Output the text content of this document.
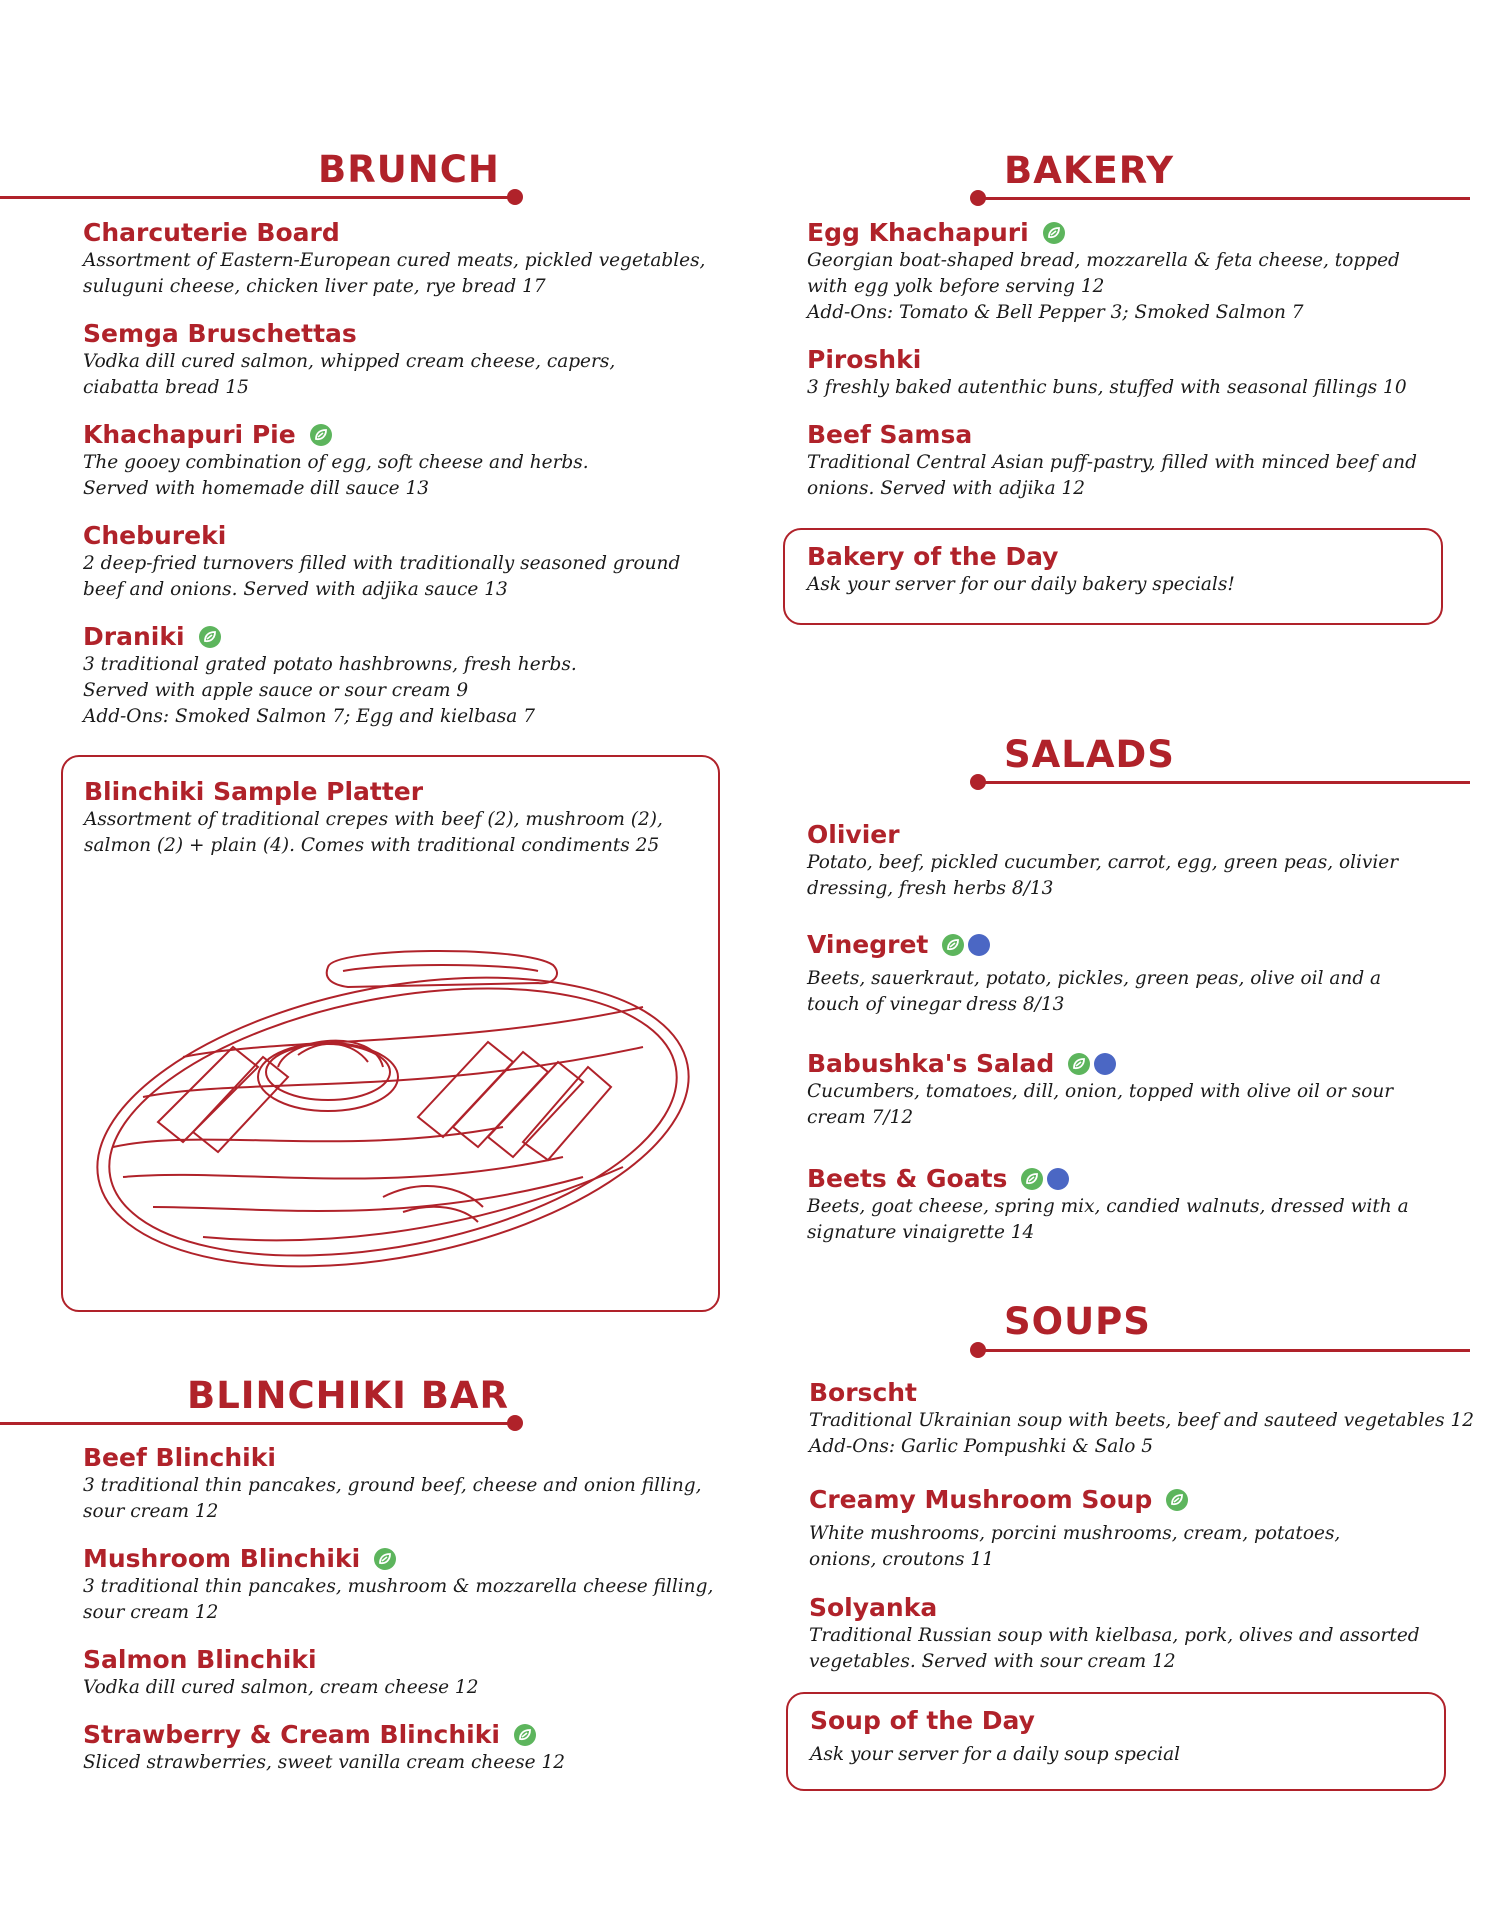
BRUNCH
Charcuterie Board
Assortment of Eastern-European cured meats, pickled vegetables,
suluguni cheese, chicken liver pate, rye bread 17
Semga Bruschettas
Vodka dill cured salmon, whipped cream cheese, capers,
ciabatta bread 15
Khachapuri Pie
The gooey combination of egg, soft cheese and herbs.
Served with homemade dill sauce 13
Chebureki
2 deep-fried turnovers filled with traditionally seasoned ground
beef and onions. Served with adjika sauce 13
Draniki
3 traditional grated potato hashbrowns, fresh herbs.
Served with apple sauce or sour cream 9
Add-Ons: Smoked Salmon 7; Egg and kielbasa 7
Blinchiki Sample Platter
Assortment of traditional crepes with beef (2), mushroom (2),
salmon (2) + plain (4). Comes with traditional condiments 25
BLINCHIKI BAR
Beef Blinchiki
3 traditional thin pancakes, ground beef, cheese and onion filling,
sour cream 12
Mushroom Blinchiki
3 traditional thin pancakes, mushroom & mozzarella cheese filling,
sour cream 12
Salmon Blinchiki
Vodka dill cured salmon, cream cheese 12
Strawberry & Cream Blinchiki
Sliced strawberries, sweet vanilla cream cheese 12
BAKERY
Egg Khachapuri
Georgian boat-shaped bread, mozzarella & feta cheese, topped
with egg yolk before serving 12
Add-Ons: Tomato & Bell Pepper 3; Smoked Salmon 7
Piroshki
3 freshly baked autenthic buns, stuffed with seasonal fillings 10
Beef Samsa
Traditional Central Asian puff-pastry, filled with minced beef and
onions. Served with adjika 12
Bakery of the Day
Ask your server for our daily bakery specials!
SALADS
Olivier
Potato, beef, pickled cucumber, carrot, egg, green peas, olivier
dressing, fresh herbs 8/13
Vinegret
Beets, sauerkraut, potato, pickles, green peas, olive oil and a
touch of vinegar dress 8/13
Babushka's Salad
Cucumbers, tomatoes, dill, onion, topped with olive oil or sour
cream 7/12
Beets & Goats
Beets, goat cheese, spring mix, candied walnuts, dressed with a
signature vinaigrette 14
SOUPS
Borscht
Traditional Ukrainian soup with beets, beef and sauteed vegetables 12
Add-Ons: Garlic Pompushki & Salo 5
Creamy Mushroom Soup
White mushrooms, porcini mushrooms, cream, potatoes,
onions, croutons 11
Solyanka
Traditional Russian soup with kielbasa, pork, olives and assorted
vegetables. Served with sour cream 12
Soup of the Day
Ask your server for a daily soup special
